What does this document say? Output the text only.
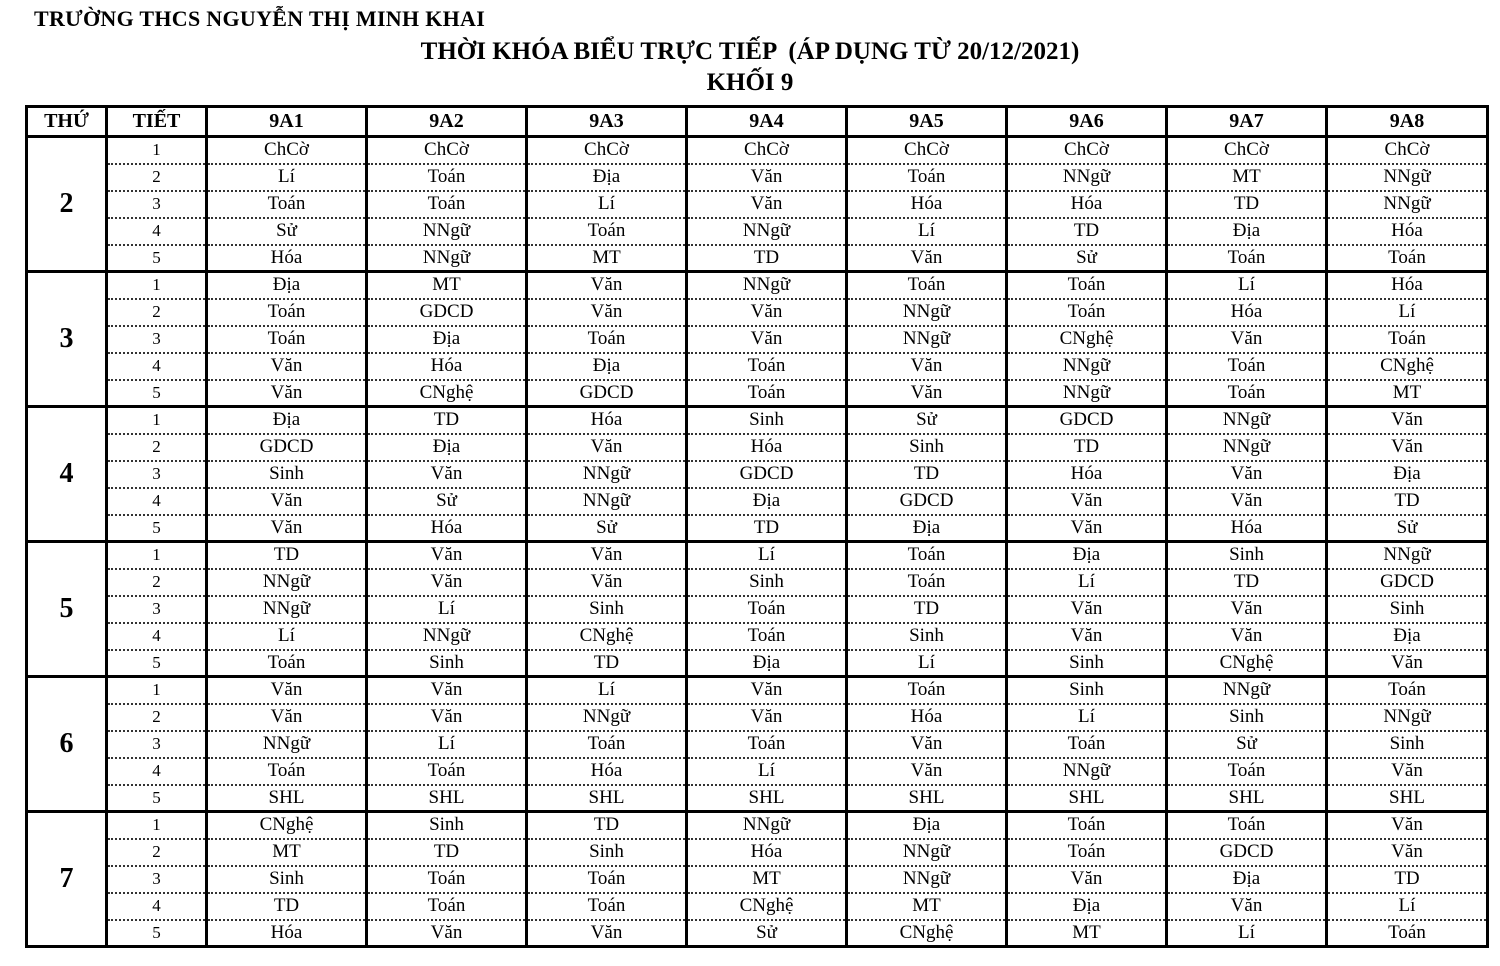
TRƯỜNG THCS NGUYỄN THỊ MINH KHAI
THỜI KHÓA BIỂU TRỰC TIẾP  (ÁP DỤNG TỪ 20/12/2021)
KHỐI 9
THỨ	TIẾT	9A1	9A2	9A3	9A4	9A5	9A6	9A7	9A8
2	1	ChCờ	ChCờ	ChCờ	ChCờ	ChCờ	ChCờ	ChCờ	ChCờ
	2	Lí	Toán	Địa	Văn	Toán	NNgữ	MT	NNgữ
	3	Toán	Toán	Lí	Văn	Hóa	Hóa	TD	NNgữ
	4	Sử	NNgữ	Toán	NNgữ	Lí	TD	Địa	Hóa
	5	Hóa	NNgữ	MT	TD	Văn	Sử	Toán	Toán
3	1	Địa	MT	Văn	NNgữ	Toán	Toán	Lí	Hóa
	2	Toán	GDCD	Văn	Văn	NNgữ	Toán	Hóa	Lí
	3	Toán	Địa	Toán	Văn	NNgữ	CNghệ	Văn	Toán
	4	Văn	Hóa	Địa	Toán	Văn	NNgữ	Toán	CNghệ
	5	Văn	CNghệ	GDCD	Toán	Văn	NNgữ	Toán	MT
4	1	Địa	TD	Hóa	Sinh	Sử	GDCD	NNgữ	Văn
	2	GDCD	Địa	Văn	Hóa	Sinh	TD	NNgữ	Văn
	3	Sinh	Văn	NNgữ	GDCD	TD	Hóa	Văn	Địa
	4	Văn	Sử	NNgữ	Địa	GDCD	Văn	Văn	TD
	5	Văn	Hóa	Sử	TD	Địa	Văn	Hóa	Sử
5	1	TD	Văn	Văn	Lí	Toán	Địa	Sinh	NNgữ
	2	NNgữ	Văn	Văn	Sinh	Toán	Lí	TD	GDCD
	3	NNgữ	Lí	Sinh	Toán	TD	Văn	Văn	Sinh
	4	Lí	NNgữ	CNghệ	Toán	Sinh	Văn	Văn	Địa
	5	Toán	Sinh	TD	Địa	Lí	Sinh	CNghệ	Văn
6	1	Văn	Văn	Lí	Văn	Toán	Sinh	NNgữ	Toán
	2	Văn	Văn	NNgữ	Văn	Hóa	Lí	Sinh	NNgữ
	3	NNgữ	Lí	Toán	Toán	Văn	Toán	Sử	Sinh
	4	Toán	Toán	Hóa	Lí	Văn	NNgữ	Toán	Văn
	5	SHL	SHL	SHL	SHL	SHL	SHL	SHL	SHL
7	1	CNghệ	Sinh	TD	NNgữ	Địa	Toán	Toán	Văn
	2	MT	TD	Sinh	Hóa	NNgữ	Toán	GDCD	Văn
	3	Sinh	Toán	Toán	MT	NNgữ	Văn	Địa	TD
	4	TD	Toán	Toán	CNghệ	MT	Địa	Văn	Lí
	5	Hóa	Văn	Văn	Sử	CNghệ	MT	Lí	Toán
